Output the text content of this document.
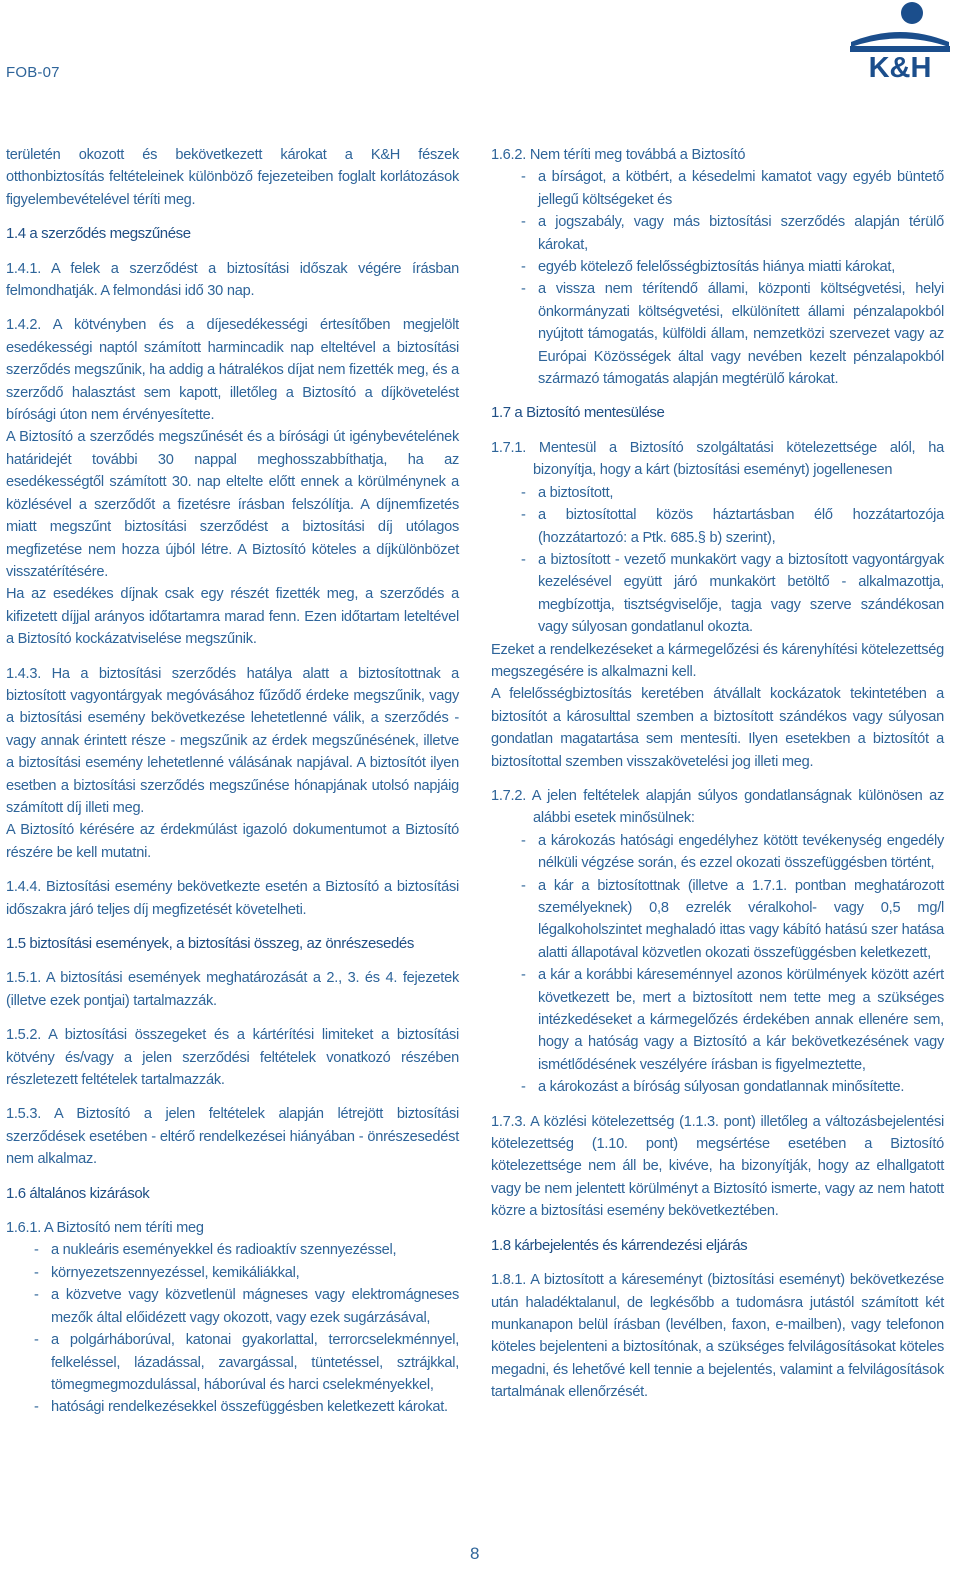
FOB-07	K&H

területén okozott és bekövetkezett károkat a K&H fészek otthonbiztosítás feltételeinek különböző fejezeteiben foglalt korlátozások figyelembevételével téríti meg.

1.4 a szerződés megszűnése

1.4.1. A felek a szerződést a biztosítási időszak végére írásban felmondhatják. A felmondási idő 30 nap.

1.4.2. A kötvényben és a díjesedékességi értesítőben megjelölt esedékességi naptól számított harmincadik nap elteltével a biztosítási szerződés megszűnik, ha addig a hátralékos díjat nem fizették meg, és a szerződő halasztást sem kapott, illetőleg a Biztosító a díjkövetelést bírósági úton nem érvényesítette.

A Biztosító a szerződés megszűnését és a bírósági út igénybevételének határidejét további 30 nappal meghosszabbíthatja, ha az esedékességtől számított 30. nap eltelte előtt ennek a körülménynek a közlésével a szerződőt a fizetésre írásban felszólítja. A díjnemfizetés miatt megszűnt biztosítási szerződést a biztosítási díj utólagos megfizetése nem hozza újból létre. A Biztosító köteles a díjkülönbözet visszatérítésére.

Ha az esedékes díjnak csak egy részét fizették meg, a szerződés a kifizetett díjjal arányos időtartamra marad fenn. Ezen időtartam leteltével a Biztosító kockázatviselése megszűnik.

1.4.3. Ha a biztosítási szerződés hatálya alatt a biztosítottnak a biztosított vagyontárgyak megóvásához fűződő érdeke megszűnik, vagy a biztosítási esemény bekövetkezése lehetetlenné válik, a szerződés - vagy annak érintett része - megszűnik az érdek megszűnésének, illetve a biztosítási esemény lehetetlenné válásának napjával. A biztosítót ilyen esetben a biztosítási szerződés megszűnése hónapjának utolsó napjáig számított díj illeti meg.

A Biztosító kérésére az érdekmúlást igazoló dokumentumot a Biztosító részére be kell mutatni.

1.4.4. Biztosítási esemény bekövetkezte esetén a Biztosító a biztosítási időszakra járó teljes díj megfizetését követelheti.

1.5 biztosítási események, a biztosítási összeg, az önrészesedés

1.5.1. A biztosítási események meghatározását a 2., 3. és 4. fejezetek (illetve ezek pontjai) tartalmazzák.

1.5.2. A biztosítási összegeket és a kártérítési limiteket a biztosítási kötvény és/vagy a jelen szerződési feltételek vonatkozó részében részletezett feltételek tartalmazzák.

1.5.3. A Biztosító a jelen feltételek alapján létrejött biztosítási szerződések esetében - eltérő rendelkezései hiányában - önrészesedést nem alkalmaz.

1.6 általános kizárások

1.6.1. A Biztosító nem téríti meg

- a nukleáris eseményekkel és radioaktív szennyezéssel,
- környezetszennyezéssel, kemikáliákkal,
- a közvetve vagy közvetlenül mágneses vagy elektromágneses mezők által előidézett vagy okozott, vagy ezek sugárzásával,
- a polgárháborúval, katonai gyakorlattal, terrorcselekménnyel, felkeléssel, lázadással, zavargással, tüntetéssel, sztrájkkal, tömegmegmozdulással, háborúval és harci cselekményekkel,
- hatósági rendelkezésekkel összefüggésben keletkezett károkat.

1.6.2. Nem téríti meg továbbá a Biztosító

- a bírságot, a kötbért, a késedelmi kamatot vagy egyéb büntető jellegű költségeket és
- a jogszabály, vagy más biztosítási szerződés alapján térülő károkat,
- egyéb kötelező felelősségbiztosítás hiánya miatti károkat,
- a vissza nem térítendő állami, központi költségvetési, helyi önkormányzati költségvetési, elkülönített állami pénzalapokból nyújtott támogatás, külföldi állam, nemzetközi szervezet vagy az Európai Közösségek által vagy nevében kezelt pénzalapokból származó támogatás alapján megtérülő károkat.
1.7 a Biztosító mentesülése

1.7.1. Mentesül a Biztosító szolgáltatási kötelezettsége alól, ha bizonyítja, hogy a kárt (biztosítási eseményt) jogellenesen

- a biztosított,
- a biztosítottal közös háztartásban élő hozzátartozója (hozzátartozó: a Ptk. 685.§ b) szerint),
- a biztosított - vezető munkakört vagy a biztosított vagyontárgyak kezelésével együtt járó munkakört betöltő - alkalmazottja, megbízottja, tisztségviselője, tagja vagy szerve szándékosan vagy súlyosan gondatlanul okozta.

Ezeket a rendelkezéseket a kármegelőzési és kárenyhítési kötelezettség megszegésére is alkalmazni kell.

A felelősségbiztosítás keretében átvállalt kockázatok tekintetében a biztosítót a károsulttal szemben a biztosított szándékos vagy súlyosan gondatlan magatartása sem mentesíti. Ilyen esetekben a biztosítót a biztosítottal szemben visszakövetelési jog illeti meg.

1.7.2. A jelen feltételek alapján súlyos gondatlanságnak különösen az alábbi esetek minősülnek:

- a károkozás hatósági engedélyhez kötött tevékenység engedély nélküli végzése során, és ezzel okozati összefüggésben történt,
- a kár a biztosítottnak (illetve a 1.7.1. pontban meghatározott személyeknek) 0,8 ezrelék véralkohol- vagy 0,5 mg/l légalkoholszintet meghaladó ittas vagy kábító hatású szer hatása alatti állapotával közvetlen okozati összefüggésben keletkezett,
- a kár a korábbi káreseménnyel azonos körülmények között azért következett be, mert a biztosított nem tette meg a szükséges intézkedéseket a kármegelőzés érdekében annak ellenére sem, hogy a hatóság vagy a Biztosító a kár bekövetkezésének vagy ismétlődésének veszélyére írásban is figyelmeztette,
- a károkozást a bíróság súlyosan gondatlannak minősítette.

1.7.3. A közlési kötelezettség (1.1.3. pont) illetőleg a változásbejelentési kötelezettség (1.10. pont) megsértése esetében a Biztosító kötelezettsége nem áll be, kivéve, ha bizonyítják, hogy az elhallgatott vagy be nem jelentett körülményt a Biztosító ismerte, vagy az nem hatott közre a biztosítási esemény bekövetkeztében.

1.8 kárbejelentés és kárrendezési eljárás

1.8.1. A biztosított a káreseményt (biztosítási eseményt) bekövetkezése után haladéktalanul, de legkésőbb a tudomásra jutástól számított két munkanapon belül írásban (levélben, faxon, e-mailben), vagy telefonon köteles bejelenteni a biztosítónak, a szükséges felvilágosításokat köteles megadni, és lehetővé kell tennie a bejelentés, valamint a felvilágosítások tartalmának ellenőrzését.

8
